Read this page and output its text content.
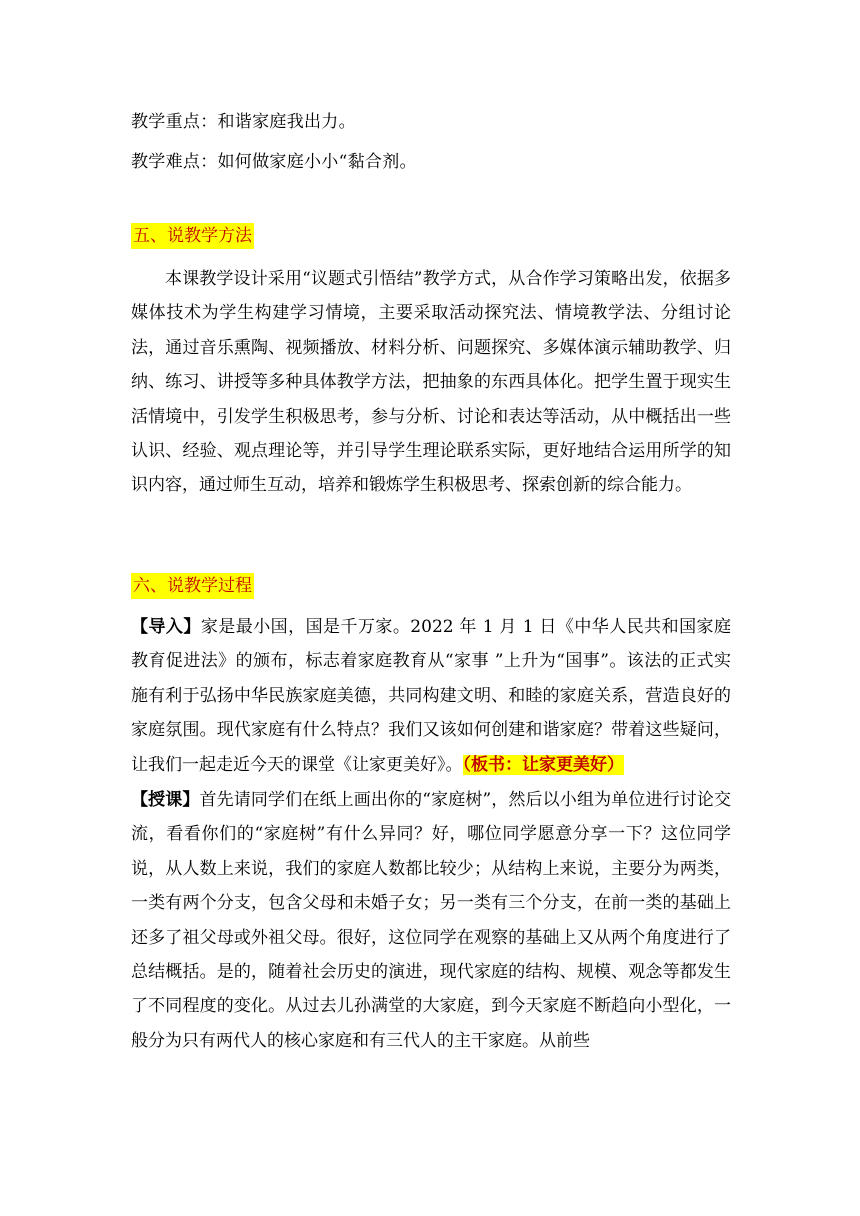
教学重点：和谐家庭我出力。
教学难点：如何做家庭小小“黏合剂。
五、说教学方法

本课教学设计采用“议题式引悟结”教学方式，从合作学习策略出发，依据多媒体技术为学生构建学习情境，主要采取活动探究法、情境教学法、分组讨论法，通过音乐熏陶、视频播放、材料分析、问题探究、多媒体演示辅助教学、归纳、练习、讲授等多种具体教学方法，把抽象的东西具体化。把学生置于现实生活情境中，引发学生积极思考，参与分析、讨论和表达等活动，从中概括出一些认识、经验、观点理论等，并引导学生理论联系实际，更好地结合运用所学的知识内容，通过师生互动，培养和锻炼学生积极思考、探索创新的综合能力。

六、说教学过程

【导入】家是最小国，国是千万家。2022 年 1 月 1 日《中华人民共和国家庭教育促进法》的颁布，标志着家庭教育从“家事 ”上升为“国事”。该法的正式实施有利于弘扬中华民族家庭美德，共同构建文明、和睦的家庭关系，营造良好的家庭氛围。现代家庭有什么特点？我们又该如何创建和谐家庭？带着这些疑问，让我们一起走近今天的课堂《让家更美好》。（板书：让家更美好）

【授课】首先请同学们在纸上画出你的“家庭树”，然后以小组为单位进行讨论交流，看看你们的“家庭树”有什么异同？好，哪位同学愿意分享一下？这位同学说，从人数上来说，我们的家庭人数都比较少；从结构上来说，主要分为两类，一类有两个分支，包含父母和未婚子女；另一类有三个分支，在前一类的基础上还多了祖父母或外祖父母。很好，这位同学在观察的基础上又从两个角度进行了总结概括。是的，随着社会历史的演进，现代家庭的结构、规模、观念等都发生了不同程度的变化。从过去儿孙满堂的大家庭，到今天家庭不断趋向小型化，一般分为只有两代人的核心家庭和有三代人的主干家庭。从前些
